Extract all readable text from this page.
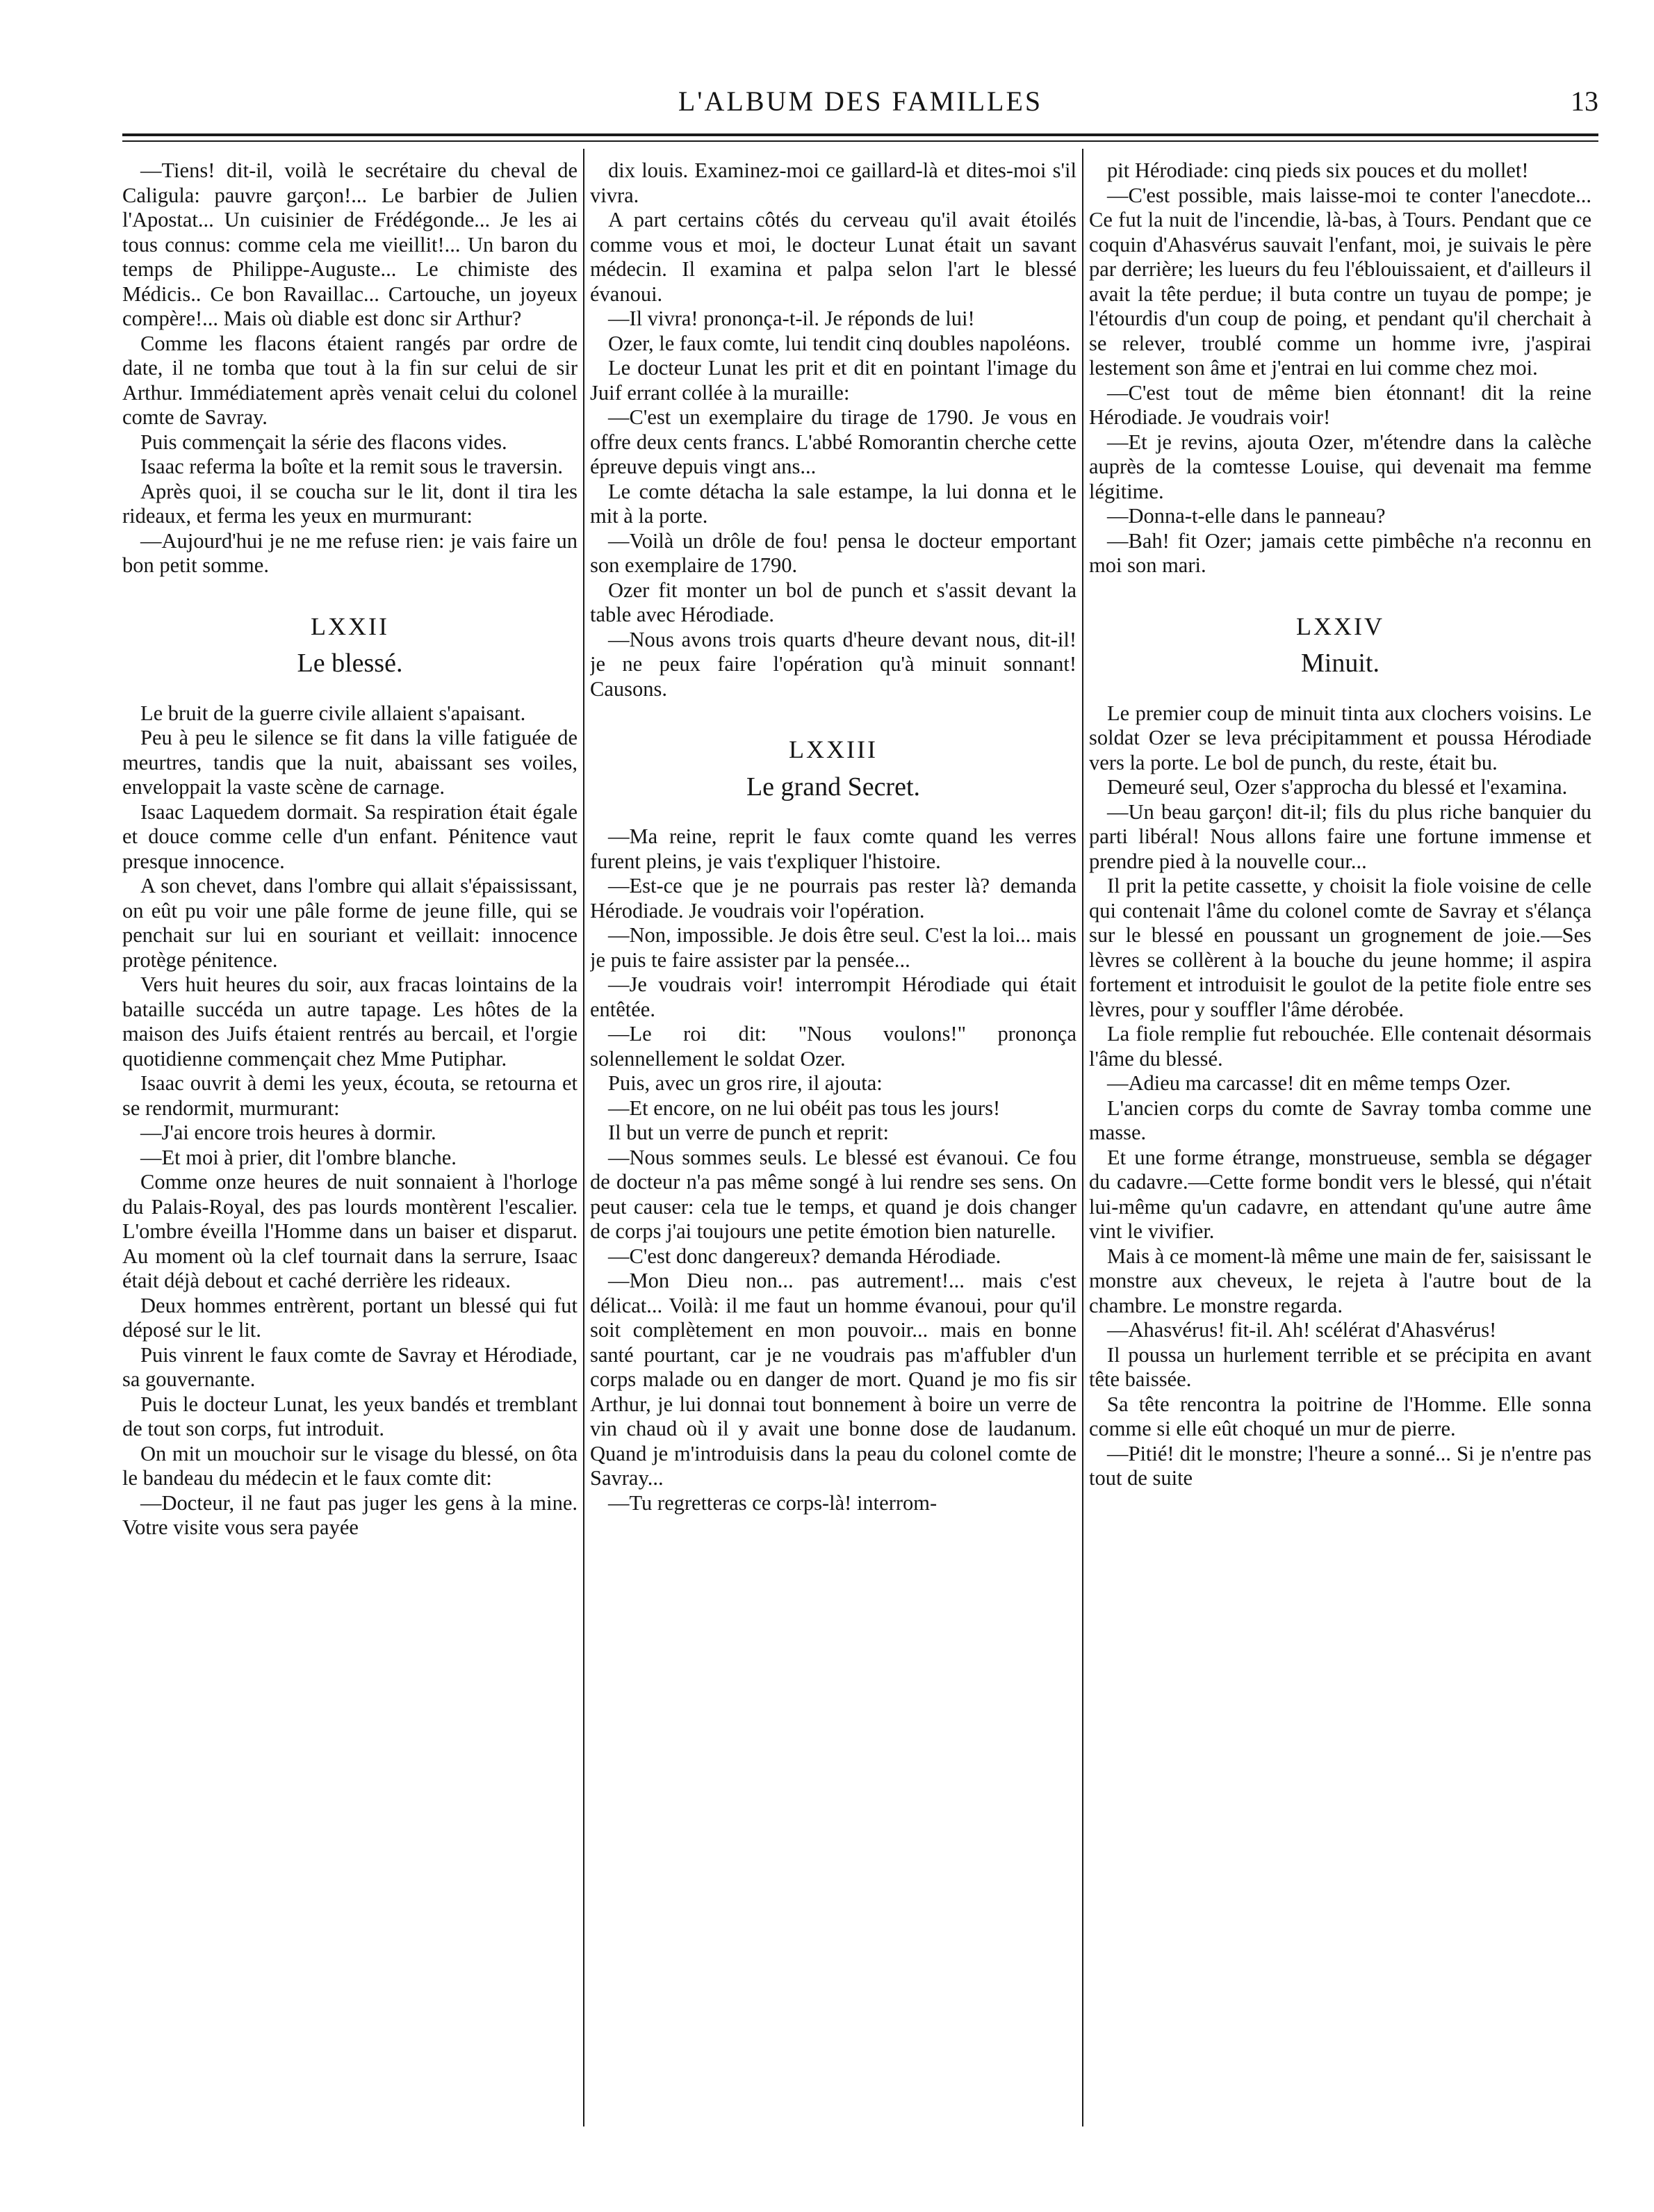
L'ALBUM DES FAMILLES	13

—Tiens! dit-il, voilà le secrétaire du cheval de Caligula: pauvre garçon!... Le barbier de Julien l'Apostat... Un cuisinier de Frédégonde... Je les ai tous connus: comme cela me vieillit!... Un baron du temps de Philippe-Auguste... Le chimiste des Médicis.. Ce bon Ravaillac... Cartouche, un joyeux compère!... Mais où diable est donc sir Arthur?

Comme les flacons étaient rangés par ordre de date, il ne tomba que tout à la fin sur celui de sir Arthur. Immédiatement après venait celui du colonel comte de Savray.

Puis commençait la série des flacons vides.

Isaac referma la boîte et la remit sous le traversin.

Après quoi, il se coucha sur le lit, dont il tira les rideaux, et ferma les yeux en murmurant:

—Aujourd'hui je ne me refuse rien: je vais faire un bon petit somme.

LXXII
Le blessé.

Le bruit de la guerre civile allaient s'apaisant.

Peu à peu le silence se fit dans la ville fatiguée de meurtres, tandis que la nuit, abaissant ses voiles, enveloppait la vaste scène de carnage.

Isaac Laquedem dormait. Sa respiration était égale et douce comme celle d'un enfant. Pénitence vaut presque innocence.

A son chevet, dans l'ombre qui allait s'épaississant, on eût pu voir une pâle forme de jeune fille, qui se penchait sur lui en souriant et veillait: innocence protège pénitence.

Vers huit heures du soir, aux fracas lointains de la bataille succéda un autre tapage. Les hôtes de la maison des Juifs étaient rentrés au bercail, et l'orgie quotidienne commençait chez Mme Putiphar.

Isaac ouvrit à demi les yeux, écouta, se retourna et se rendormit, murmurant:

—J'ai encore trois heures à dormir.

—Et moi à prier, dit l'ombre blanche.

Comme onze heures de nuit sonnaient à l'horloge du Palais-Royal, des pas lourds montèrent l'escalier. L'ombre éveilla l'Homme dans un baiser et disparut. Au moment où la clef tournait dans la serrure, Isaac était déjà debout et caché derrière les rideaux.

Deux hommes entrèrent, portant un blessé qui fut déposé sur le lit.

Puis vinrent le faux comte de Savray et Hérodiade, sa gouvernante.

Puis le docteur Lunat, les yeux bandés et tremblant de tout son corps, fut introduit.

On mit un mouchoir sur le visage du blessé, on ôta le bandeau du médecin et le faux comte dit:

—Docteur, il ne faut pas juger les gens à la mine. Votre visite vous sera payée

dix louis. Examinez-moi ce gaillard-là et dites-moi s'il vivra.

A part certains côtés du cerveau qu'il avait étoilés comme vous et moi, le docteur Lunat était un savant médecin. Il examina et palpa selon l'art le blessé évanoui.

—Il vivra! prononça-t-il. Je réponds de lui!

Ozer, le faux comte, lui tendit cinq doubles napoléons.

Le docteur Lunat les prit et dit en pointant l'image du Juif errant collée à la muraille:

—C'est un exemplaire du tirage de 1790. Je vous en offre deux cents francs. L'abbé Romorantin cherche cette épreuve depuis vingt ans...

Le comte détacha la sale estampe, la lui donna et le mit à la porte.

—Voilà un drôle de fou! pensa le docteur emportant son exemplaire de 1790.

Ozer fit monter un bol de punch et s'assit devant la table avec Hérodiade.

—Nous avons trois quarts d'heure devant nous, dit-il! je ne peux faire l'opération qu'à minuit sonnant! Causons.

LXXIII
Le grand Secret.

—Ma reine, reprit le faux comte quand les verres furent pleins, je vais t'expliquer l'histoire.

—Est-ce que je ne pourrais pas rester là? demanda Hérodiade. Je voudrais voir l'opération.

—Non, impossible. Je dois être seul. C'est la loi... mais je puis te faire assister par la pensée...

—Je voudrais voir! interrompit Hérodiade qui était entêtée.

—Le roi dit: "Nous voulons!" prononça solennellement le soldat Ozer.

Puis, avec un gros rire, il ajouta:

—Et encore, on ne lui obéit pas tous les jours!

Il but un verre de punch et reprit:

—Nous sommes seuls. Le blessé est évanoui. Ce fou de docteur n'a pas même songé à lui rendre ses sens. On peut causer: cela tue le temps, et quand je dois changer de corps j'ai toujours une petite émotion bien naturelle.

—C'est donc dangereux? demanda Hérodiade.

—Mon Dieu non... pas autrement!... mais c'est délicat... Voilà: il me faut un homme évanoui, pour qu'il soit complètement en mon pouvoir... mais en bonne santé pourtant, car je ne voudrais pas m'affubler d'un corps malade ou en danger de mort. Quand je mo fis sir Arthur, je lui donnai tout bonnement à boire un verre de vin chaud où il y avait une bonne dose de laudanum. Quand je m'introduisis dans la peau du colonel comte de Savray...

—Tu regretteras ce corps-là! interrom-

pit Hérodiade: cinq pieds six pouces et du mollet!

—C'est possible, mais laisse-moi te conter l'anecdote... Ce fut la nuit de l'incendie, là-bas, à Tours. Pendant que ce coquin d'Ahasvérus sauvait l'enfant, moi, je suivais le père par derrière; les lueurs du feu l'éblouissaient, et d'ailleurs il avait la tête perdue; il buta contre un tuyau de pompe; je l'étourdis d'un coup de poing, et pendant qu'il cherchait à se relever, troublé comme un homme ivre, j'aspirai lestement son âme et j'entrai en lui comme chez moi.

—C'est tout de même bien étonnant! dit la reine Hérodiade. Je voudrais voir!

—Et je revins, ajouta Ozer, m'étendre dans la calèche auprès de la comtesse Louise, qui devenait ma femme légitime.

—Donna-t-elle dans le panneau?

—Bah! fit Ozer; jamais cette pimbêche n'a reconnu en moi son mari.

LXXIV
Minuit.

Le premier coup de minuit tinta aux clochers voisins. Le soldat Ozer se leva précipitamment et poussa Hérodiade vers la porte. Le bol de punch, du reste, était bu.

Demeuré seul, Ozer s'approcha du blessé et l'examina.

—Un beau garçon! dit-il; fils du plus riche banquier du parti libéral! Nous allons faire une fortune immense et prendre pied à la nouvelle cour...

Il prit la petite cassette, y choisit la fiole voisine de celle qui contenait l'âme du colonel comte de Savray et s'élança sur le blessé en poussant un grognement de joie.—Ses lèvres se collèrent à la bouche du jeune homme; il aspira fortement et introduisit le goulot de la petite fiole entre ses lèvres, pour y souffler l'âme dérobée.

La fiole remplie fut rebouchée. Elle contenait désormais l'âme du blessé.

—Adieu ma carcasse! dit en même temps Ozer.

L'ancien corps du comte de Savray tomba comme une masse.

Et une forme étrange, monstrueuse, sembla se dégager du cadavre.—Cette forme bondit vers le blessé, qui n'était lui-même qu'un cadavre, en attendant qu'une autre âme vint le vivifier.

Mais à ce moment-là même une main de fer, saisissant le monstre aux cheveux, le rejeta à l'autre bout de la chambre. Le monstre regarda.

—Ahasvérus! fit-il. Ah! scélérat d'Ahasvérus!

Il poussa un hurlement terrible et se précipita en avant tête baissée.

Sa tête rencontra la poitrine de l'Homme. Elle sonna comme si elle eût choqué un mur de pierre.

—Pitié! dit le monstre; l'heure a sonné... Si je n'entre pas tout de suite
